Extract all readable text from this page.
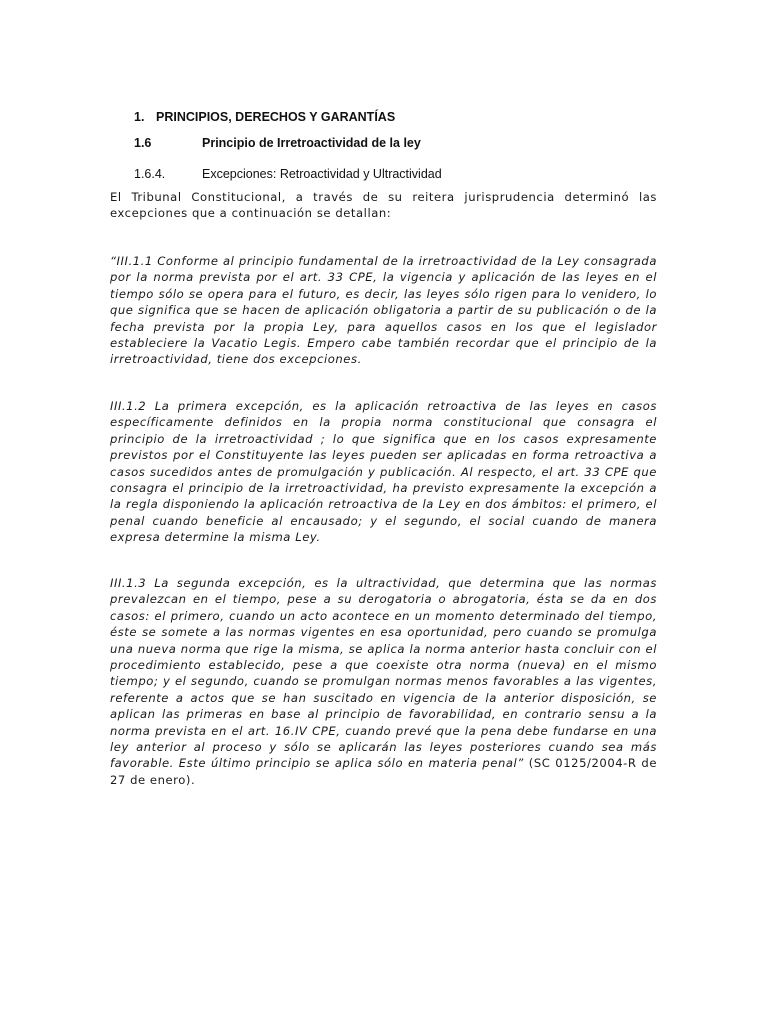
1. PRINCIPIOS, DERECHOS Y GARANTÍAS
1.6	Principio de Irretroactividad de la ley
1.6.4.	Excepciones: Retroactividad y Ultractividad

El Tribunal Constitucional, a través de su reitera jurisprudencia determinó las excepciones que a continuación se detallan:

“III.1.1 Conforme al principio fundamental de la irretroactividad de la Ley consagrada por la norma prevista por el art. 33 CPE, la vigencia y aplicación de las leyes en el tiempo sólo se opera para el futuro, es decir, las leyes sólo rigen para lo venidero, lo que significa que se hacen de aplicación obligatoria a partir de su publicación o de la fecha prevista por la propia Ley, para aquellos casos en los que el legislador estableciere la Vacatio Legis. Empero cabe también recordar que el principio de la irretroactividad, tiene dos excepciones.

III.1.2 La primera excepción, es la aplicación retroactiva de las leyes en casos específicamente definidos en la propia norma constitucional que consagra el principio de la irretroactividad ; lo que significa que en los casos expresamente previstos por el Constituyente las leyes pueden ser aplicadas en forma retroactiva a casos sucedidos antes de promulgación y publicación. Al respecto, el art. 33 CPE que consagra el principio de la irretroactividad, ha previsto expresamente la excepción a la regla disponiendo la aplicación retroactiva de la Ley en dos ámbitos: el primero, el penal cuando beneficie al encausado; y el segundo, el social cuando de manera expresa determine la misma Ley.

III.1.3 La segunda excepción, es la ultractividad, que determina que las normas prevalezcan en el tiempo, pese a su derogatoria o abrogatoria, ésta se da en dos casos: el primero, cuando un acto acontece en un momento determinado del tiempo, éste se somete a las normas vigentes en esa oportunidad, pero cuando se promulga una nueva norma que rige la misma, se aplica la norma anterior hasta concluir con el procedimiento establecido, pese a que coexiste otra norma (nueva) en el mismo tiempo; y el segundo, cuando se promulgan normas menos favorables a las vigentes, referente a actos que se han suscitado en vigencia de la anterior disposición, se aplican las primeras en base al principio de favorabilidad, en contrario sensu a la norma prevista en el art. 16.IV CPE, cuando prevé que la pena debe fundarse en una ley anterior al proceso y sólo se aplicarán las leyes posteriores cuando sea más favorable. Este último principio se aplica sólo en materia penal” (SC 0125/2004-R de 27 de enero).
